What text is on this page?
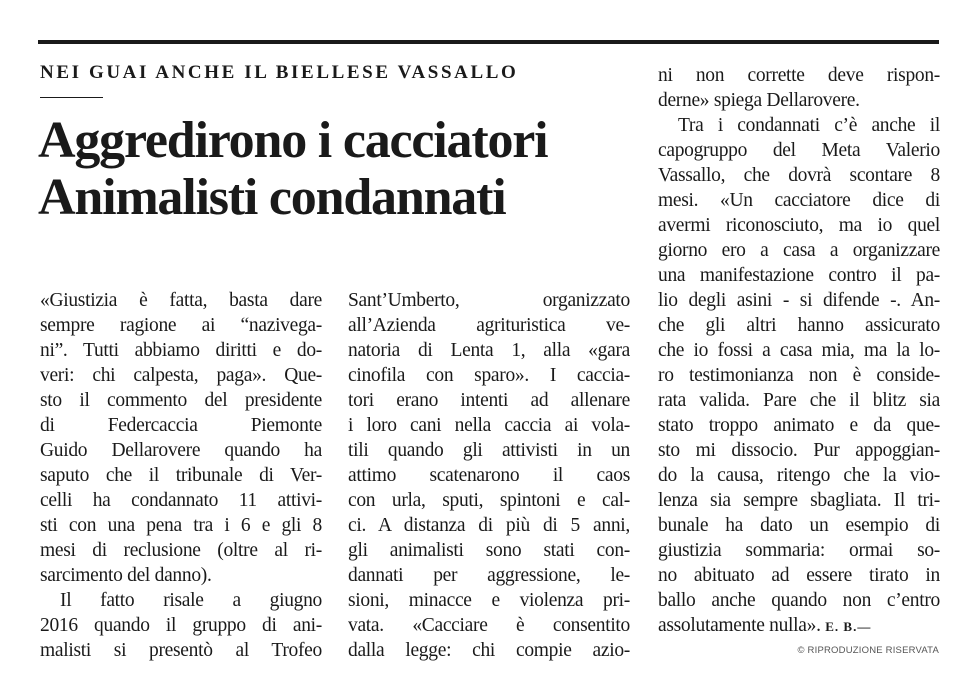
NEI GUAI ANCHE IL BIELLESE VASSALLO
Aggredirono i cacciatori
Animalisti condannati
«Giustizia è fatta, basta dare
sempre ragione ai “nazivega-
ni”. Tutti abbiamo diritti e do-
veri: chi calpesta, paga». Que-
sto il commento del presidente
di Federcaccia Piemonte
Guido Dellarovere quando ha
saputo che il tribunale di Ver-
celli ha condannato 11 attivi-
sti con una pena tra i 6 e gli 8
mesi di reclusione (oltre al ri-
sarcimento del danno).
Il fatto risale a giugno
2016 quando il gruppo di ani-
malisti si presentò al Trofeo
Sant’Umberto, organizzato
all’Azienda agrituristica ve-
natoria di Lenta 1, alla «gara
cinofila con sparo». I caccia-
tori erano intenti ad allenare
i loro cani nella caccia ai vola-
tili quando gli attivisti in un
attimo scatenarono il caos
con urla, sputi, spintoni e cal-
ci. A distanza di più di 5 anni,
gli animalisti sono stati con-
dannati per aggressione, le-
sioni, minacce e violenza pri-
vata. «Cacciare è consentito
dalla legge: chi compie azio-
ni non corrette deve rispon-
derne» spiega Dellarovere.
Tra i condannati c’è anche il
capogruppo del Meta Valerio
Vassallo, che dovrà scontare 8
mesi. «Un cacciatore dice di
avermi riconosciuto, ma io quel
giorno ero a casa a organizzare
una manifestazione contro il pa-
lio degli asini - si difende -. An-
che gli altri hanno assicurato
che io fossi a casa mia, ma la lo-
ro testimonianza non è conside-
rata valida. Pare che il blitz sia
stato troppo animato e da que-
sto mi dissocio. Pur appoggian-
do la causa, ritengo che la vio-
lenza sia sempre sbagliata. Il tri-
bunale ha dato un esempio di
giustizia sommaria: ormai so-
no abituato ad essere tirato in
ballo anche quando non c’entro
assolutamente nulla». E. B.—
© RIPRODUZIONE RISERVATA
